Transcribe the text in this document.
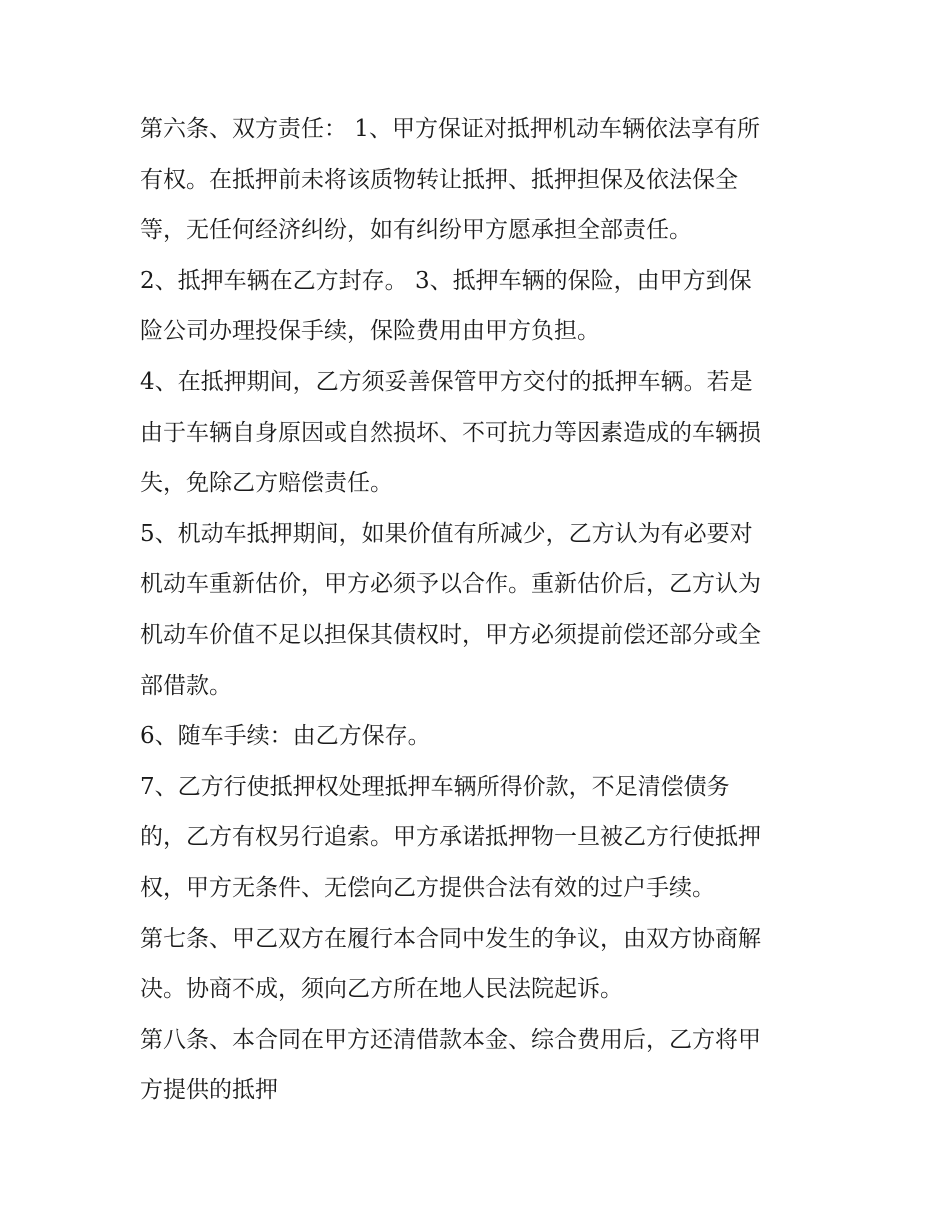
第六条、双方责任： 1、甲方保证对抵押机动车辆依法享有所
有权。在抵押前未将该质物转让抵押、抵押担保及依法保全
等，无任何经济纠纷，如有纠纷甲方愿承担全部责任。
2、抵押车辆在乙方封存。 3、抵押车辆的保险，由甲方到保
险公司办理投保手续，保险费用由甲方负担。
4、在抵押期间，乙方须妥善保管甲方交付的抵押车辆。若是
由于车辆自身原因或自然损坏、不可抗力等因素造成的车辆损
失，免除乙方赔偿责任。
5、机动车抵押期间，如果价值有所减少，乙方认为有必要对
机动车重新估价，甲方必须予以合作。重新估价后，乙方认为
机动车价值不足以担保其债权时，甲方必须提前偿还部分或全
部借款。
6、随车手续：由乙方保存。
7、乙方行使抵押权处理抵押车辆所得价款，不足清偿债务
的，乙方有权另行追索。甲方承诺抵押物一旦被乙方行使抵押
权，甲方无条件、无偿向乙方提供合法有效的过户手续。
第七条、甲乙双方在履行本合同中发生的争议，由双方协商解
决。协商不成，须向乙方所在地人民法院起诉。
第八条、本合同在甲方还清借款本金、综合费用后，乙方将甲
方提供的抵押
